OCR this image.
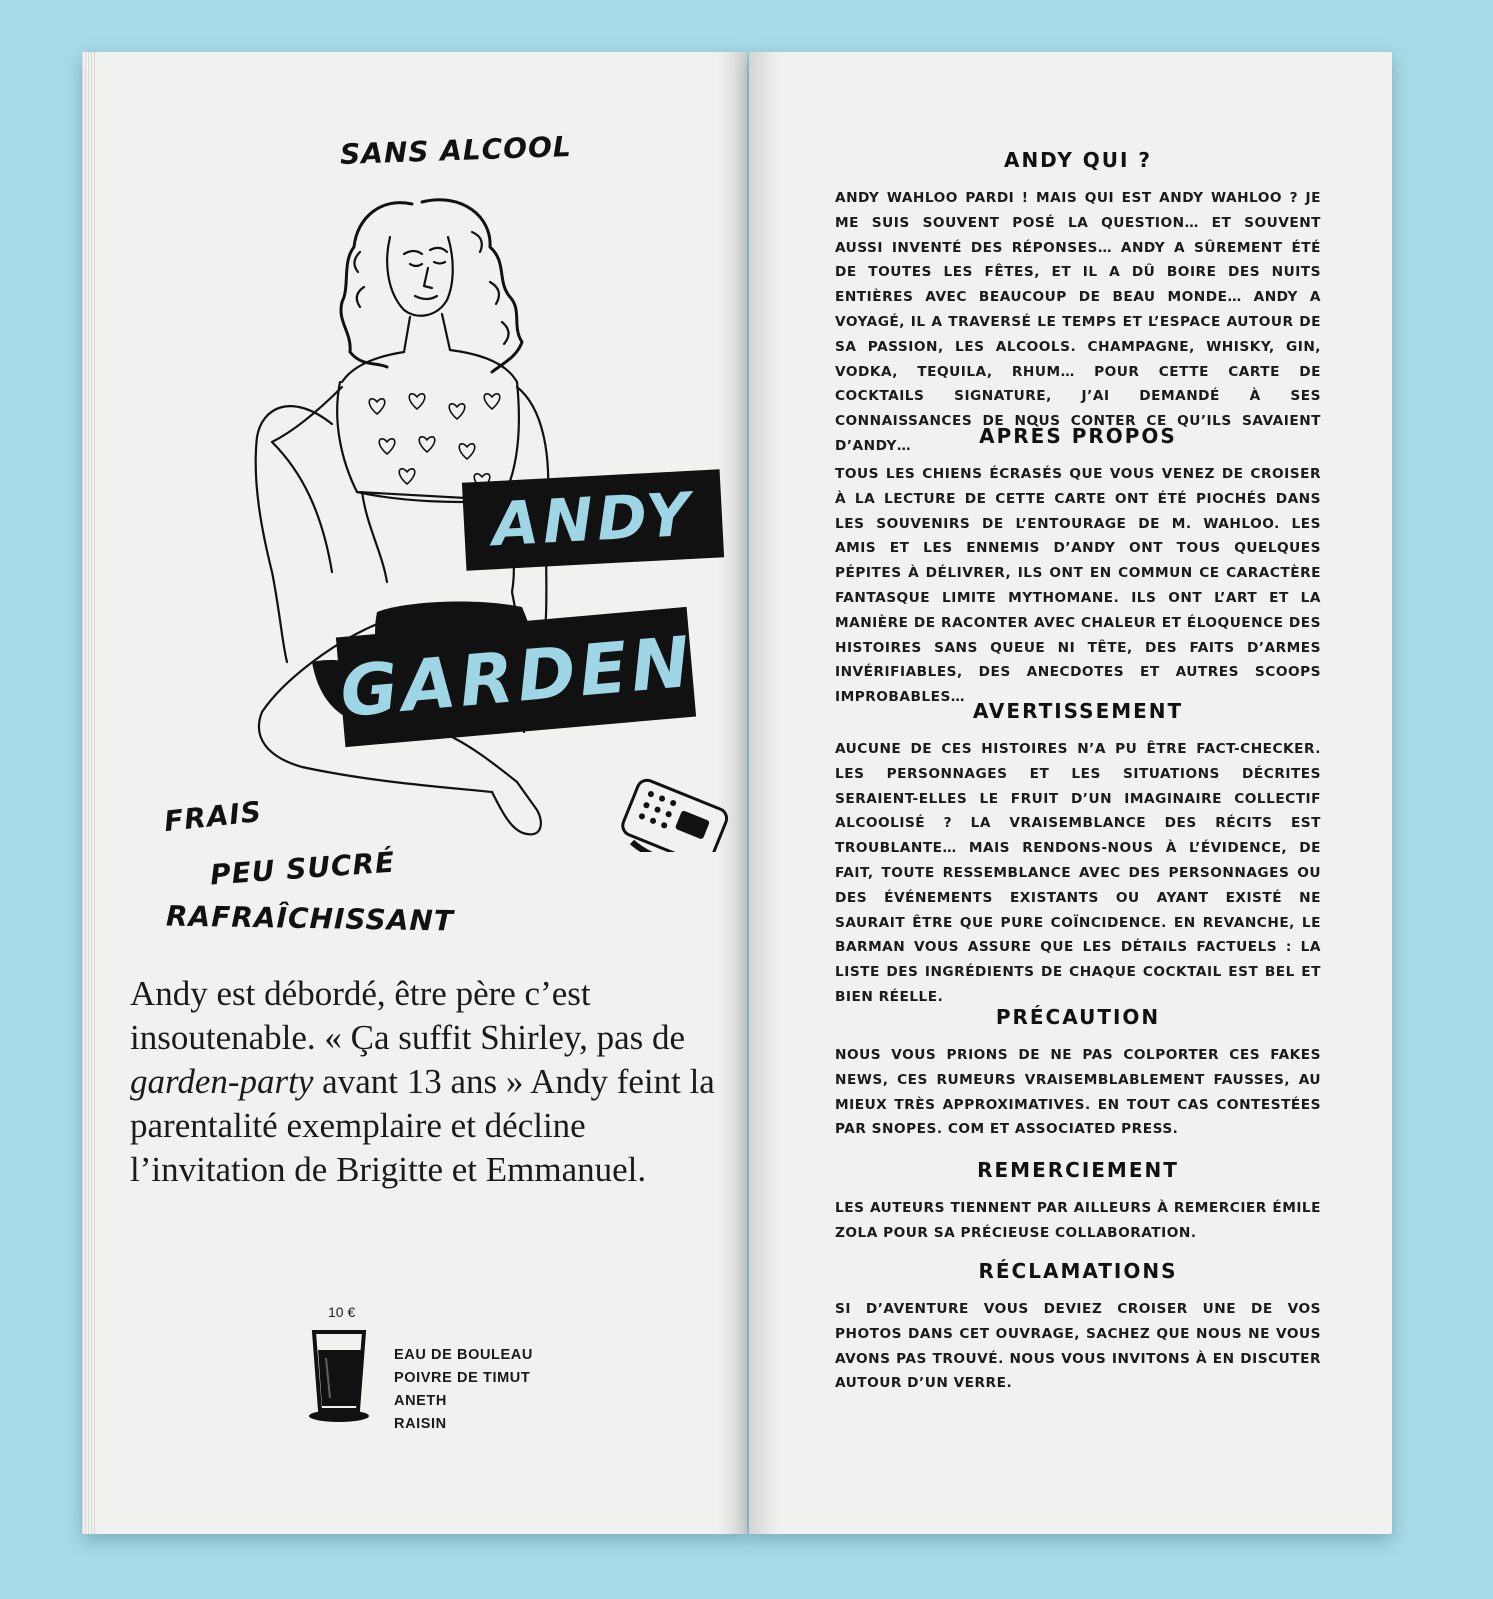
SANS ALCOOL
ANDY
GARDEN
FRAIS
PEU SUCRÉ
RAFRAÎCHISSANT
Andy est débordé, être père c’est insoutenable. « Ça suffit Shirley, pas de garden-party avant 13 ans » Andy feint la parentalité exemplaire et décline l’invitation de Brigitte et Emmanuel.
10 €
EAU DE BOULEAU
POIVRE DE TIMUT
ANETH
RAISIN
ANDY QUI ?

ANDY WAHLOO PARDI ! MAIS QUI EST ANDY WAHLOO ? JE ME SUIS SOUVENT POSÉ LA QUESTION… ET SOUVENT AUSSI INVENTÉ DES RÉPONSES… ANDY A SÛREMENT ÉTÉ DE TOUTES LES FÊTES, ET IL A DÛ BOIRE DES NUITS ENTIÈRES AVEC BEAUCOUP DE BEAU MONDE… ANDY A VOYAGÉ, IL A TRAVERSÉ LE TEMPS ET L’ESPACE AUTOUR DE SA PASSION, LES ALCOOLS. CHAMPAGNE, WHISKY, GIN, VODKA, TEQUILA, RHUM… POUR CETTE CARTE DE COCKTAILS SIGNATURE, J’AI DEMANDÉ À SES CONNAISSANCES DE NOUS CONTER CE QU’ILS SAVAIENT D’ANDY…	APRÈS PROPOS

TOUS LES CHIENS ÉCRASÉS QUE VOUS VENEZ DE CROISER À LA LECTURE DE CETTE CARTE ONT ÉTÉ PIOCHÉS DANS LES SOUVENIRS DE L’ENTOURAGE DE M. WAHLOO. LES AMIS ET LES ENNEMIS D’ANDY ONT TOUS QUELQUES PÉPITES À DÉLIVRER, ILS ONT EN COMMUN CE CARACTÈRE FANTASQUE LIMITE MYTHOMANE. ILS ONT L’ART ET LA MANIÈRE DE RACONTER AVEC CHALEUR ET ÉLOQUENCE DES HISTOIRES SANS QUEUE NI TÊTE, DES FAITS D’ARMES INVÉRIFIABLES, DES ANECDOTES ET AUTRES SCOOPS IMPROBABLES…

AVERTISSEMENT

AUCUNE DE CES HISTOIRES N’A PU ÊTRE FACT-CHECKER. LES PERSONNAGES ET LES SITUATIONS DÉCRITES SERAIENT-ELLES LE FRUIT D’UN IMAGINAIRE COLLECTIF ALCOOLISÉ ? LA VRAISEMBLANCE DES RÉCITS EST TROUBLANTE… MAIS RENDONS-NOUS À L’ÉVIDENCE, DE FAIT, TOUTE RESSEMBLANCE AVEC DES PERSONNAGES OU DES ÉVÉNEMENTS EXISTANTS OU AYANT EXISTÉ NE SAURAIT ÊTRE QUE PURE COÏNCIDENCE. EN REVANCHE, LE BARMAN VOUS ASSURE QUE LES DÉTAILS FACTUELS : LA LISTE DES INGRÉDIENTS DE CHAQUE COCKTAIL EST BEL ET BIEN RÉELLE.

PRÉCAUTION

NOUS VOUS PRIONS DE NE PAS COLPORTER CES FAKES NEWS, CES RUMEURS VRAISEMBLABLEMENT FAUSSES, AU MIEUX TRÈS APPROXIMATIVES. EN TOUT CAS CONTESTÉES PAR SNOPES. COM ET ASSOCIATED PRESS.

REMERCIEMENT

LES AUTEURS TIENNENT PAR AILLEURS À REMERCIER ÉMILE ZOLA POUR SA PRÉCIEUSE COLLABORATION.

RÉCLAMATIONS

SI D’AVENTURE VOUS DEVIEZ CROISER UNE DE VOS PHOTOS DANS CET OUVRAGE, SACHEZ QUE NOUS NE VOUS AVONS PAS TROUVÉ. NOUS VOUS INVITONS À EN DISCUTER AUTOUR D’UN VERRE.
